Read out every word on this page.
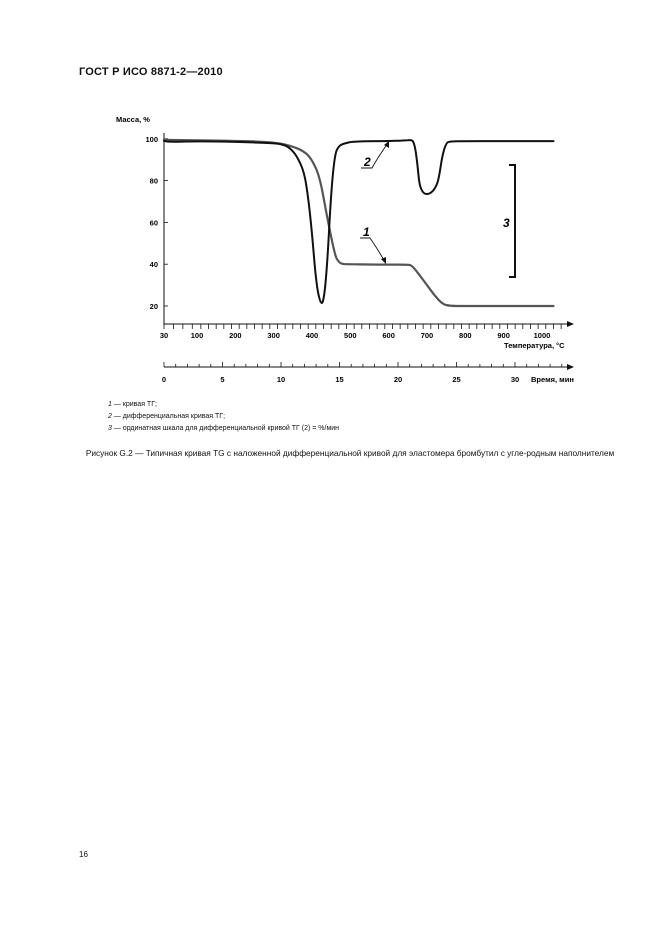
ГОСТ Р ИСО 8871-2—2010
100
80
60
40
20
30	100	200	300	400	500	600	700	800	900	1000
0	5	10	15	20	25	30
1
2
3
Масса, %
Температура, °C
Время, мин
1 — кривая ТГ;
2 — дифференциальная кривая ТГ;
3 — ординатная шкала для дифференциальной кривой ТГ (2) = %/мин
Рисунок G.2 — Типичная кривая TG с наложенной дифференциальной кривой для эластомера бромбутил с угле-родным наполнителем
16
